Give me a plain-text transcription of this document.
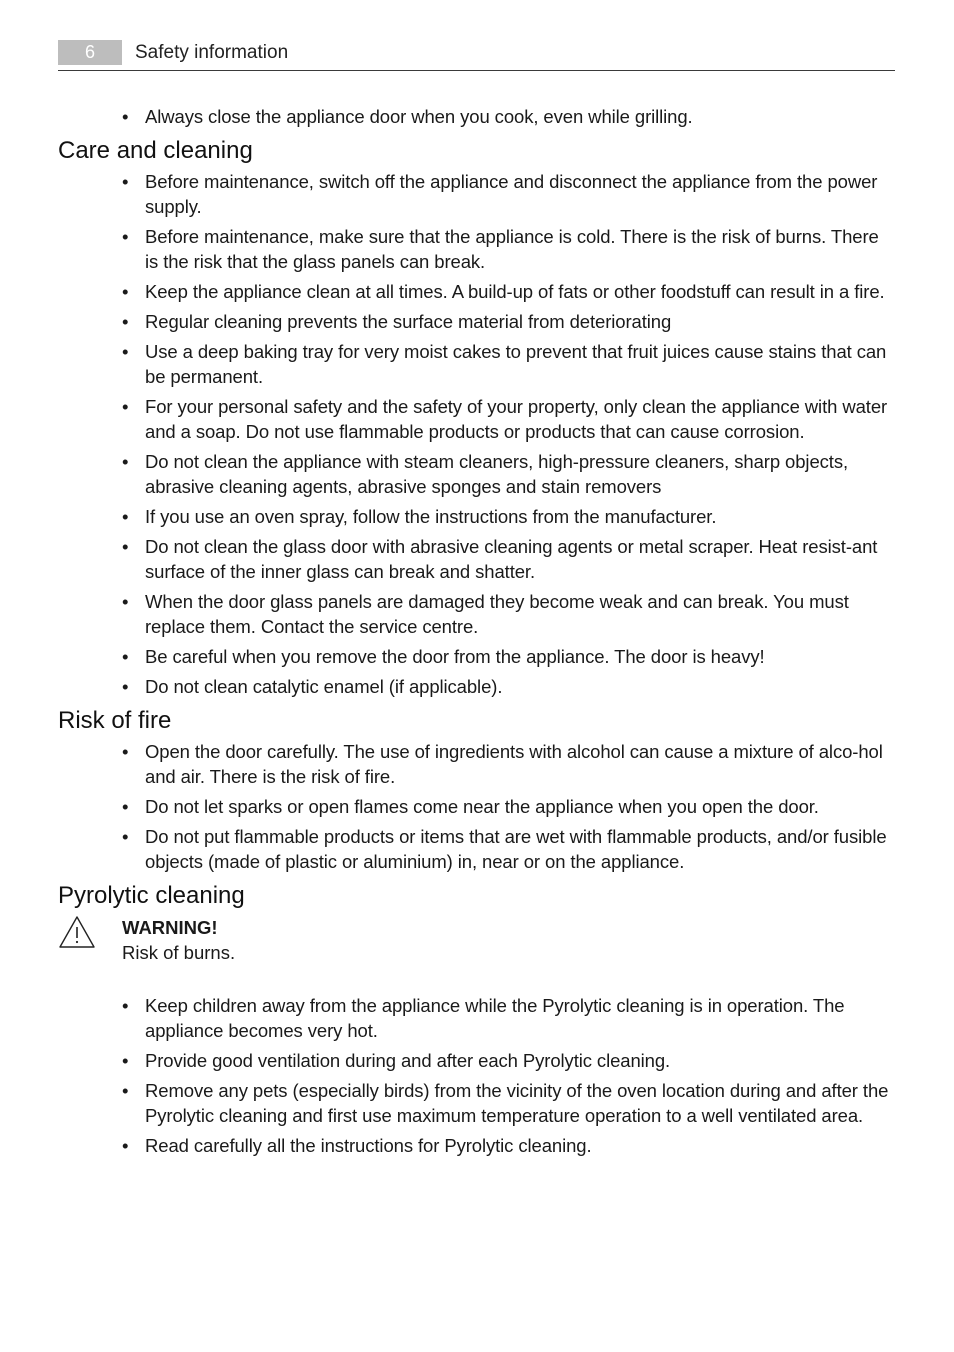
6	Safety information
• Always close the appliance door when you cook, even while grilling.
Care and cleaning
• Before maintenance, switch off the appliance and disconnect the appliance from the power supply.
• Before maintenance, make sure that the appliance is cold. There is the risk of burns. There is the risk that the glass panels can break.
• Keep the appliance clean at all times. A build-up of fats or other foodstuff can result in a fire.
• Regular cleaning prevents the surface material from deteriorating
• Use a deep baking tray for very moist cakes to prevent that fruit juices cause stains that can be permanent.
• For your personal safety and the safety of your property, only clean the appliance with water and a soap. Do not use flammable products or products that can cause corrosion.
• Do not clean the appliance with steam cleaners, high-pressure cleaners, sharp objects, abrasive cleaning agents, abrasive sponges and stain removers
• If you use an oven spray, follow the instructions from the manufacturer.
• Do not clean the glass door with abrasive cleaning agents or metal scraper. Heat resist-ant surface of the inner glass can break and shatter.
• When the door glass panels are damaged they become weak and can break. You must replace them. Contact the service centre.
• Be careful when you remove the door from the appliance. The door is heavy!
• Do not clean catalytic enamel (if applicable).
Risk of fire
• Open the door carefully. The use of ingredients with alcohol can cause a mixture of alco-hol and air. There is the risk of fire.
• Do not let sparks or open flames come near the appliance when you open the door.
• Do not put flammable products or items that are wet with flammable products, and/or fusible objects (made of plastic or aluminium) in, near or on the appliance.
Pyrolytic cleaning
WARNING!
Risk of burns.
• Keep children away from the appliance while the Pyrolytic cleaning is in operation. The appliance becomes very hot.
• Provide good ventilation during and after each Pyrolytic cleaning.
• Remove any pets (especially birds) from the vicinity of the oven location during and after the Pyrolytic cleaning and first use maximum temperature operation to a well ventilated area.
• Read carefully all the instructions for Pyrolytic cleaning.
